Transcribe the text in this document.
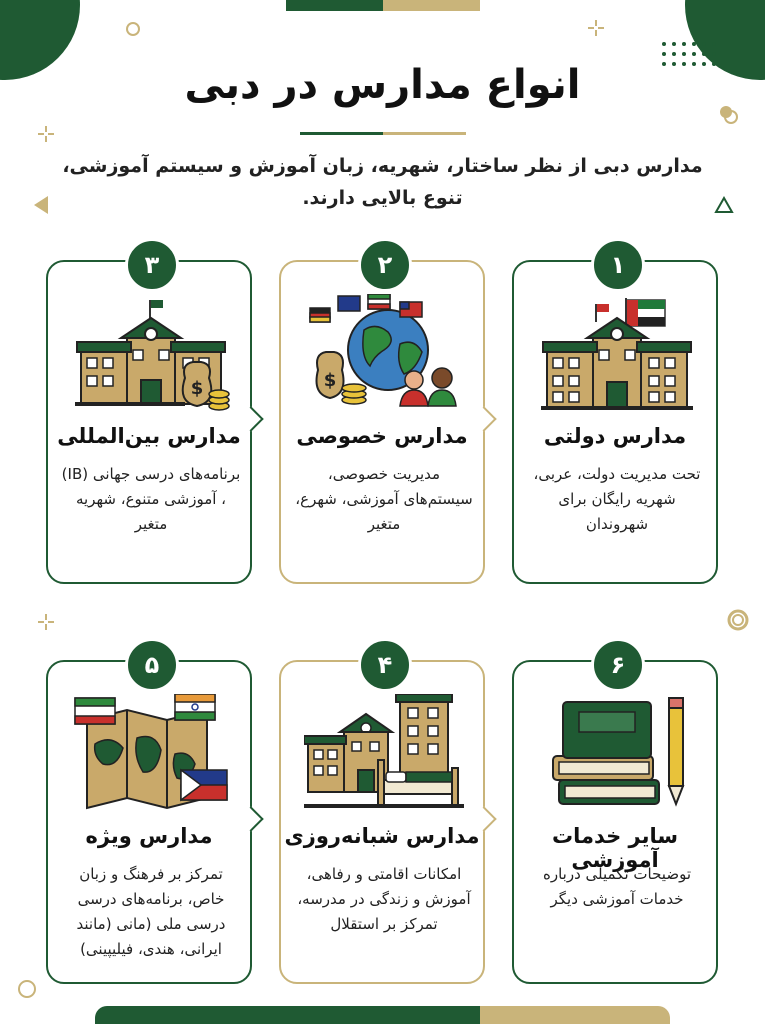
انواع مدارس در دبی
مدارس دبی از نظر ساختار، شهریه، زبان آموزش و سیستم آموزشی، تنوع بالایی دارند.
۱
مدارس دولتی
تحت مدیریت دولت، عربی، شهریه رایگان برای شهروندان
۲
$
مدارس خصوصی
مدیریت خصوصی، سیستم‌های آموزشی، شهرع، متغیر
۳
$
مدارس بین‌المللی
برنامه‌های درسی جهانی (IB) ، آموزشی متنوع، شهریه متغیر
۶
سایر خدمات آموزشی
توضیحات تکمیلی درباره خدمات آموزشی دیگر
۴
مدارس شبانه‌روزی
امکانات اقامتی و رفاهی، آموزش و زندگی در مدرسه، تمرکز بر استقلال
۵
مدارس ویژه
تمرکز بر فرهنگ و زبان خاص، برنامه‌های درسی درسی ملی (مانی (مانند ایرانی، هندی، فیلیپینی)
